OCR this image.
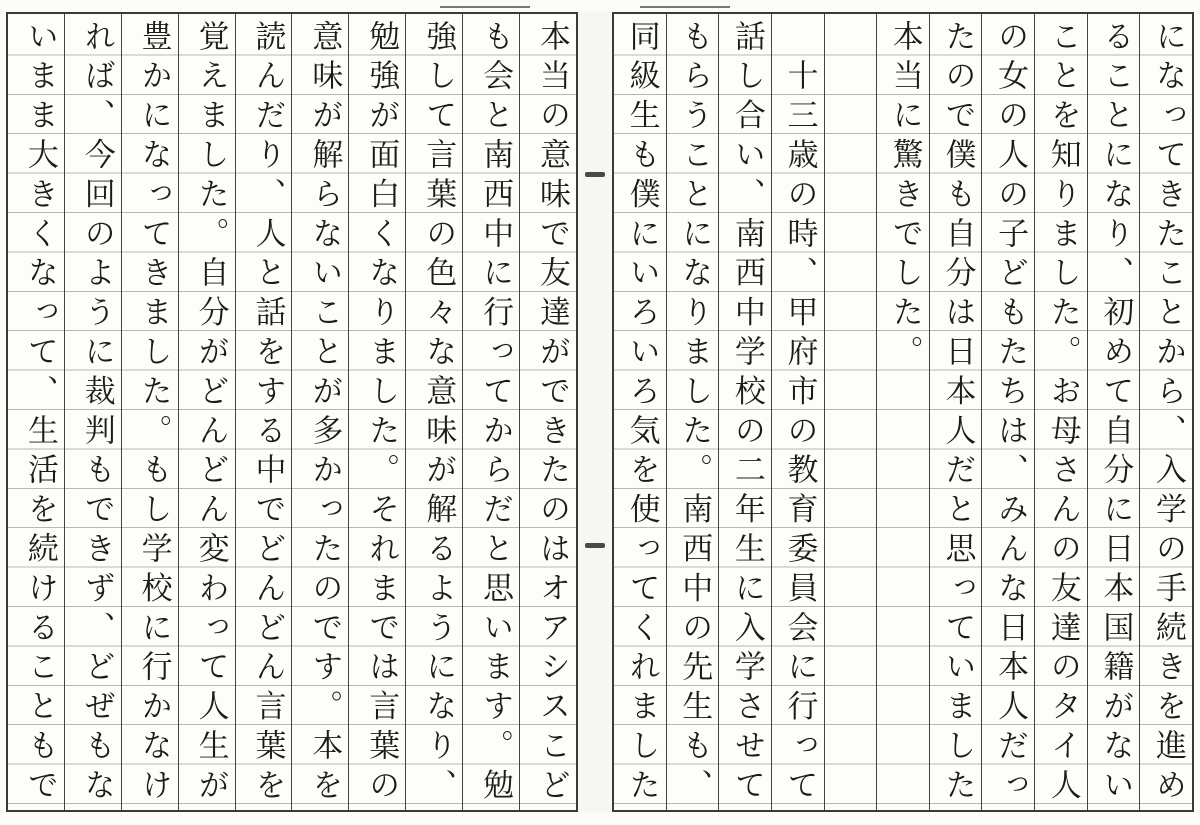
になってきたことから、入学の手続きを進め
ることになり、初めて自分に日本国籍がない
ことを知りました。お母さんの友達のタイ人
の女の人の子どもたちは、みんな日本人だっ
たので僕も自分は日本人だと思っていました
本当に驚きでした。
　十三歳の時、甲府市の教育委員会に行って
話し合い、南西中学校の二年生に入学させて
もらうことになりました。南西中の先生も、
同級生も僕にいろいろ気を使ってくれました
本当の意味で友達ができたのはオアシスこど
も会と南西中に行ってからだと思います。勉
強して言葉の色々な意味が解るようになり、
勉強が面白くなりました。それまでは言葉の
意味が解らないことが多かったのです。本を
読んだり、人と話をする中でどんどん言葉を
覚えました。自分がどんどん変わって人生が
豊かになってきました。もし学校に行かなけ
れば、今回のように裁判もできず、どぜもな
いまま大きくなって、生活を続けることもで
